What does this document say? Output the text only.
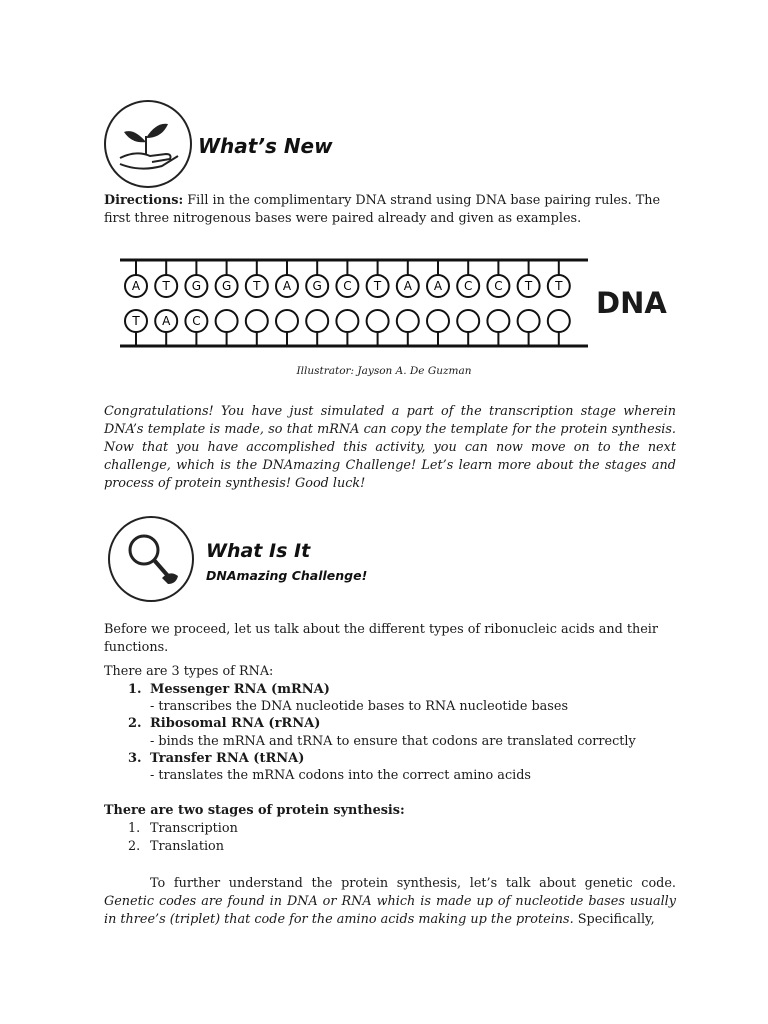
What’s New
Directions: Fill in the complimentary DNA strand using DNA base pairing rules. The first three nitrogenous bases were paired already and given as examples.
A
T
T
A
G
C
G T A G C T A A C C T T DNA
Illustrator: Jayson A. De Guzman
Congratulations! You have just simulated a part of the transcription stage wherein DNA’s template is made, so that mRNA can copy the template for the protein synthesis. Now that you have accomplished this activity, you can now move on to the next challenge, which is the DNAmazing Challenge! Let’s learn more about the stages and process of protein synthesis! Good luck!
What Is It
DNAmazing Challenge!
Before we proceed, let us talk about the different types of ribonucleic acids and their functions.
There are 3 types of RNA:
1. Messenger RNA (mRNA)
- transcribes the DNA nucleotide bases to RNA nucleotide bases
2. Ribosomal RNA (rRNA)
- binds the mRNA and tRNA to ensure that codons are translated correctly
3. Transfer RNA (tRNA)
- translates the mRNA codons into the correct amino acids
There are two stages of protein synthesis:
1. Transcription
2. Translation
To further understand the protein synthesis, let’s talk about genetic code. Genetic codes are found in DNA or RNA which is made up of nucleotide bases usually in three’s (triplet) that code for the amino acids making up the proteins. Specifically,
